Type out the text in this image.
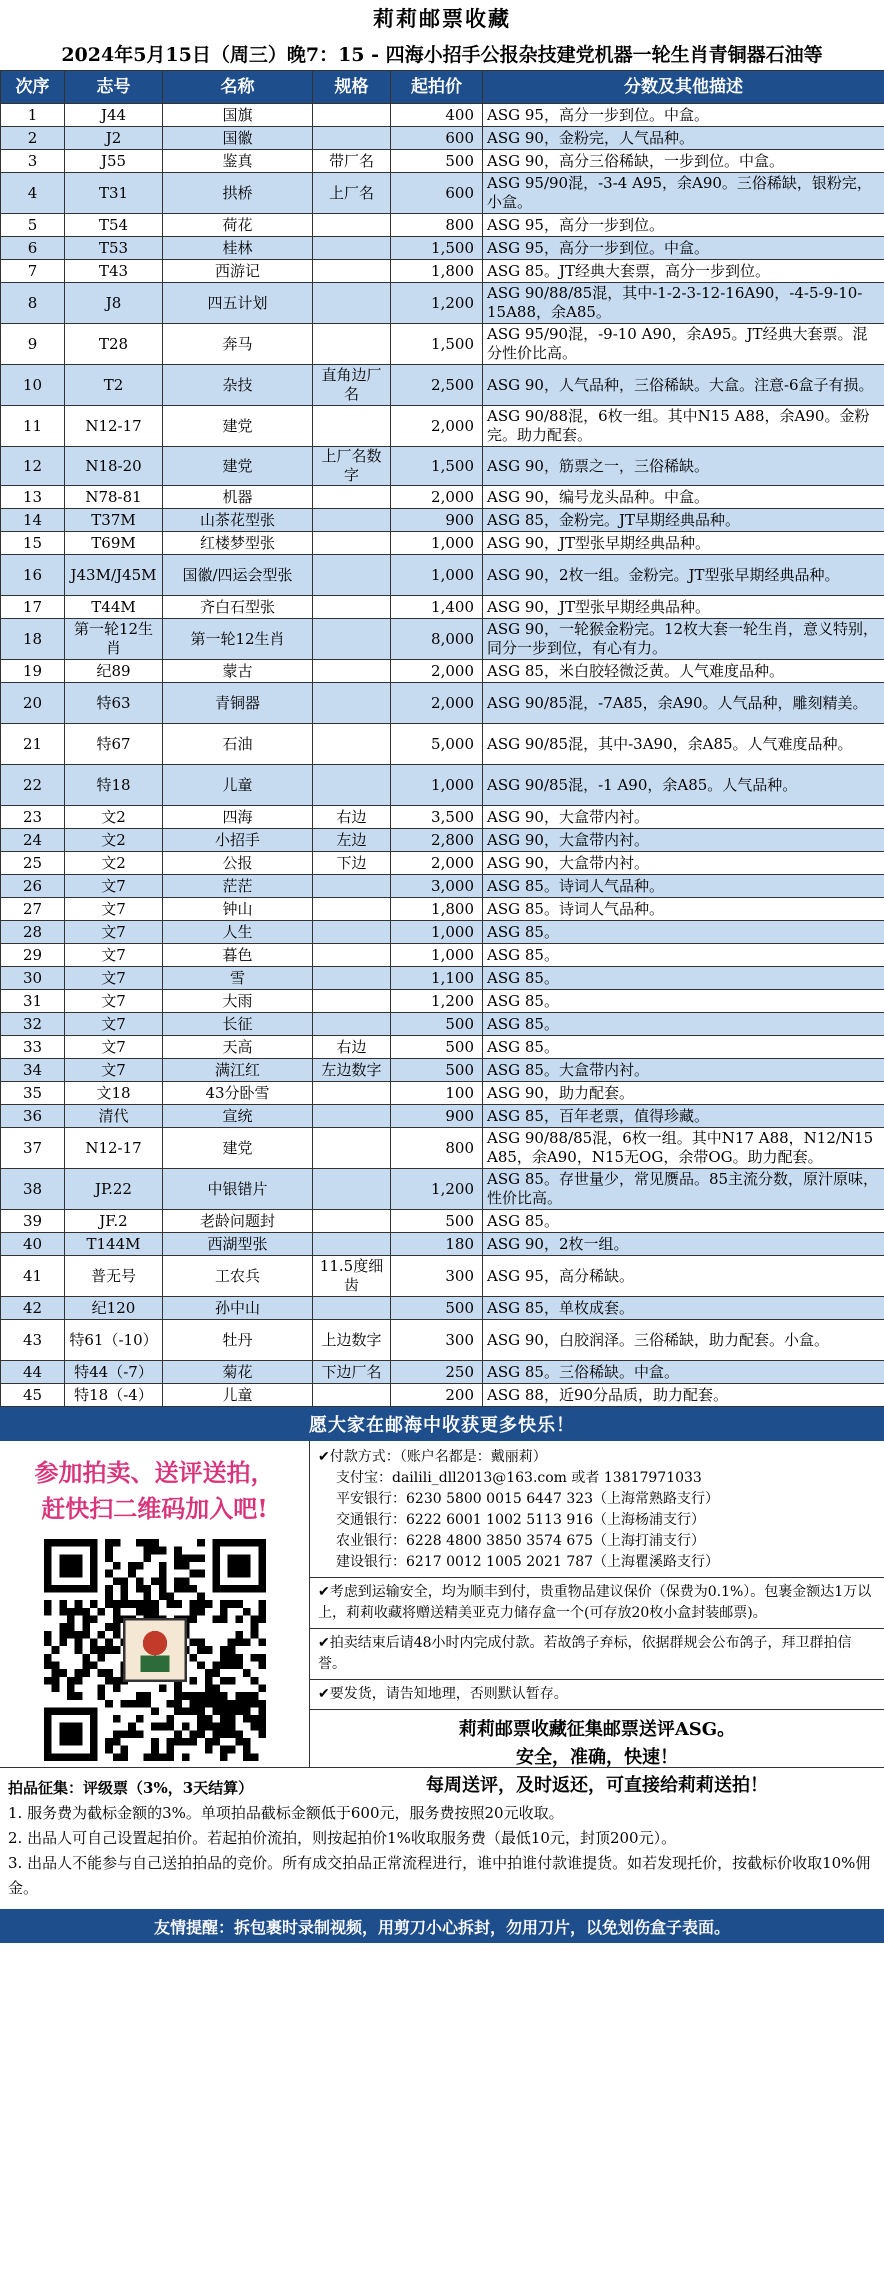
莉莉邮票收藏
2024年5月15日（周三）晚7：15 - 四海小招手公报杂技建党机器一轮生肖青铜器石油等
次序	志号	名称	规格	起拍价	分数及其他描述
1	J44	国旗		400	ASG 95，高分一步到位。中盒。
2	J2	国徽		600	ASG 90，金粉完，人气品种。
3	J55	鉴真	带厂名	500	ASG 90，高分三俗稀缺，一步到位。中盒。
4	T31	拱桥	上厂名	600	ASG 95/90混，-3-4 A95，余A90。三俗稀缺，银粉完，小盒。
5	T54	荷花		800	ASG 95，高分一步到位。
6	T53	桂林		1,500	ASG 95，高分一步到位。中盒。
7	T43	西游记		1,800	ASG 85。JT经典大套票，高分一步到位。
8	J8	四五计划		1,200	ASG 90/88/85混，其中-1-2-3-12-16A90，-4-5-9-10-15A88，余A85。
9	T28	奔马		1,500	ASG 95/90混，-9-10 A90，余A95。JT经典大套票。混分性价比高。
10	T2	杂技	直角边厂名	2,500	ASG 90，人气品种，三俗稀缺。大盒。注意-6盒子有损。
11	N12-17	建党		2,000	ASG 90/88混，6枚一组。其中N15 A88，余A90。金粉完。助力配套。
12	N18-20	建党	上厂名数字	1,500	ASG 90，筋票之一，三俗稀缺。
13	N78-81	机器		2,000	ASG 90，编号龙头品种。中盒。
14	T37M	山茶花型张		900	ASG 85，金粉完。JT早期经典品种。
15	T69M	红楼梦型张		1,000	ASG 90，JT型张早期经典品种。
16	J43M/J45M	国徽/四运会型张		1,000	ASG 90，2枚一组。金粉完。JT型张早期经典品种。
17	T44M	齐白石型张		1,400	ASG 90，JT型张早期经典品种。
18	第一轮12生肖	第一轮12生肖		8,000	ASG 90，一轮猴金粉完。12枚大套一轮生肖，意义特别，同分一步到位，有心有力。
19	纪89	蒙古		2,000	ASG 85，米白胶轻微泛黄。人气难度品种。
20	特63	青铜器		2,000	ASG 90/85混，-7A85，余A90。人气品种，雕刻精美。
21	特67	石油		5,000	ASG 90/85混，其中-3A90，余A85。人气难度品种。
22	特18	儿童		1,000	ASG 90/85混，-1 A90，余A85。人气品种。
23	文2	四海	右边	3,500	ASG 90，大盒带内衬。
24	文2	小招手	左边	2,800	ASG 90，大盒带内衬。
25	文2	公报	下边	2,000	ASG 90，大盒带内衬。
26	文7	茫茫		3,000	ASG 85。诗词人气品种。
27	文7	钟山		1,800	ASG 85。诗词人气品种。
28	文7	人生		1,000	ASG 85。
29	文7	暮色		1,000	ASG 85。
30	文7	雪		1,100	ASG 85。
31	文7	大雨		1,200	ASG 85。
32	文7	长征		500	ASG 85。
33	文7	天高	右边	500	ASG 85。
34	文7	满江红	左边数字	500	ASG 85。大盒带内衬。
35	文18	43分卧雪		100	ASG 90，助力配套。
36	清代	宣统		900	ASG 85，百年老票，值得珍藏。
37	N12-17	建党		800	ASG 90/88/85混，6枚一组。其中N17 A88，N12/N15 A85，余A90，N15无OG，余带OG。助力配套。
38	JP.22	中银错片		1,200	ASG 85。存世量少，常见赝品。85主流分数，原汁原味，性价比高。
39	JF.2	老龄问题封		500	ASG 85。
40	T144M	西湖型张		180	ASG 90，2枚一组。
41	普无号	工农兵	11.5度细齿	300	ASG 95，高分稀缺。
42	纪120	孙中山		500	ASG 85，单枚成套。
43	特61（-10）	牡丹	上边数字	300	ASG 90，白胶润泽。三俗稀缺，助力配套。小盒。
44	特44（-7）	菊花	下边厂名	250	ASG 85。三俗稀缺。中盒。
45	特18（-4）	儿童		200	ASG 88，近90分品质，助力配套。
愿大家在邮海中收获更多快乐！
参加拍卖、送评送拍，
赶快扫二维码加入吧!
✔付款方式：（账户名都是：戴丽莉）
支付宝：dailili_dll2013@163.com 或者 13817971033
平安银行：6230 5800 0015 6447 323（上海常熟路支行）
交通银行：6222 6001 1002 5113 916（上海杨浦支行）
农业银行：6228 4800 3850 3574 675（上海打浦支行）
建设银行：6217 0012 1005 2021 787（上海瞿溪路支行）
✔考虑到运输安全，均为顺丰到付，贵重物品建议保价（保费为0.1%）。包裹金额达1万以上，莉莉收藏将赠送精美亚克力储存盒一个(可存放20枚小盒封装邮票)。
✔拍卖结束后请48小时内完成付款。若故鸽子弃标，依据群规会公布鸽子，拜卫群拍信誉。
✔要发货，请告知地理，否则默认暂存。
莉莉邮票收藏征集邮票送评ASG。
安全，准确，快速！
每周送评，及时返还，可直接给莉莉送拍！
拍品征集：评级票（3%，3天结算）
1. 服务费为截标金额的3%。单项拍品截标金额低于600元，服务费按照20元收取。
2. 出品人可自己设置起拍价。若起拍价流拍，则按起拍价1%收取服务费（最低10元，封顶200元）。
3. 出品人不能参与自己送拍拍品的竞价。所有成交拍品正常流程进行，谁中拍谁付款谁提货。如若发现托价，按截标价收取10%佣金。
友情提醒：拆包裹时录制视频，用剪刀小心拆封，勿用刀片，以免划伤盒子表面。
